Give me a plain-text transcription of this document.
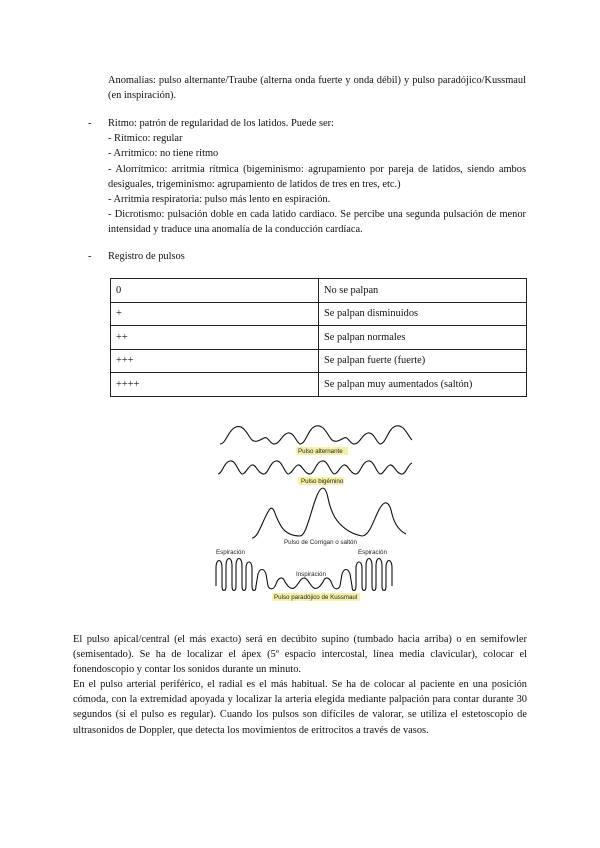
Anomalías: pulso alternante/Traube (alterna onda fuerte y onda débil) y pulso paradójico/Kussmaul (en inspiración).

- Ritmo: patrón de regularidad de los latidos. Puede ser:
- Rítmico: regular
- Arrítmico: no tiene ritmo
- Alorrítmico: arritmia rítmica (bigeminismo: agrupamiento por pareja de latidos, siendo ambos desiguales, trigeminismo: agrupamiento de latidos de tres en tres, etc.)
- Arritmia respiratoria: pulso más lento en espiración.
- Dicrotismo: pulsación doble en cada latido cardiaco. Se percibe una segunda pulsación de menor intensidad y traduce una anomalía de la conducción cardíaca.
- Registro de pulsos
0	No se palpan
+	Se palpan disminuidos
++	Se palpan normales
+++	Se palpan fuerte (fuerte)
++++	Se palpan muy aumentados (saltón)
Pulso alternante
Pulso bigémino
Pulso de Corrigan o saltón
Espiración	Espiración
Inspiración
Pulso paradójico de Kussmaul

El pulso apical/central (el más exacto) será en decúbito supino (tumbado hacia arriba) o en semifowler (semisentado). Se ha de localizar el ápex (5º espacio intercostal, línea media clavicular), colocar el fonendoscopio y contar los sonidos durante un minuto.

En el pulso arterial periférico, el radial es el más habitual. Se ha de colocar al paciente en una posición cómoda, con la extremidad apoyada y localizar la arteria elegida mediante palpación para contar durante 30 segundos (si el pulso es regular). Cuando los pulsos son difíciles de valorar, se utiliza el estetoscopio de ultrasonidos de Doppler, que detecta los movimientos de eritrocitos a través de vasos.
